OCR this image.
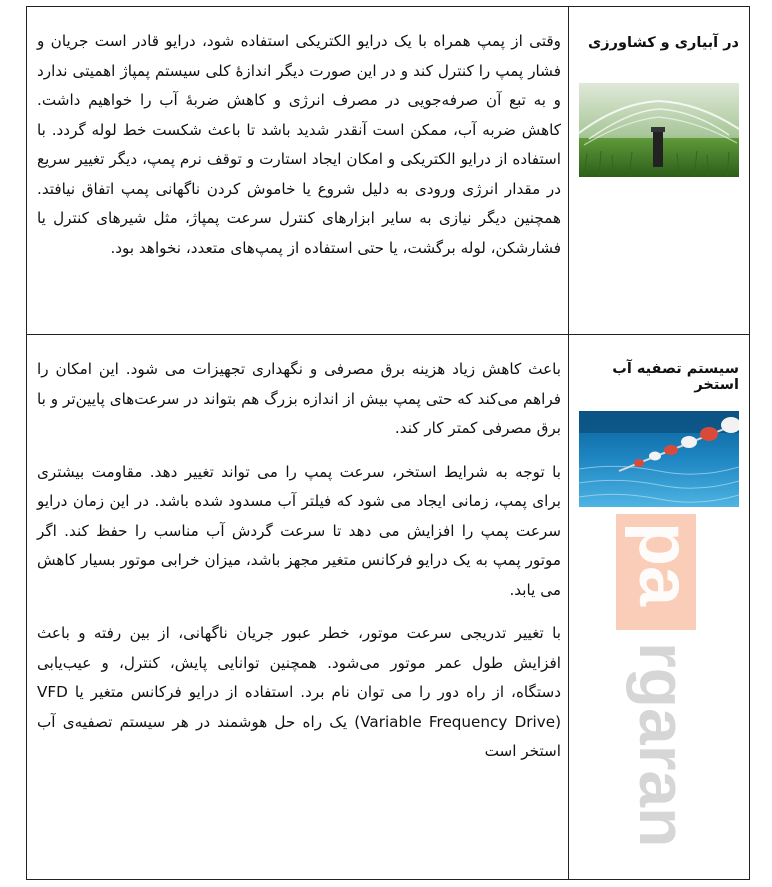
در آبیاری و کشاورزی

وقتی از پمپ همراه با یک درایو الکتریکی استفاده شود، درایو قادر است جریان و فشار پمپ را کنترل کند و در این صورت دیگر اندازهٔ کلی سیستم پمپاژ اهمیتی ندارد و به تبع آن صرفه‌جویی در مصرف انرژی و کاهش ضربهٔ آب را خواهیم داشت. کاهش ضربه آب، ممکن است آنقدر شدید باشد تا باعث شکست خط لوله گردد. با استفاده از درایو الکتریکی و امکان ایجاد استارت و توقف نرم پمپ، دیگر تغییر سریع در مقدار انرژی ورودی به دلیل شروع یا خاموش کردن ناگهانی پمپ اتفاق نیافتد. همچنین دیگر نیازی به سایر ابزارهای کنترل سرعت پمپاژ، مثل شیرهای کنترل یا فشارشکن، لوله برگشت، یا حتی استفاده از پمپ‌های متعدد، نخواهد بود.

سیستم تصفیه آب استخر

باعث کاهش زیاد هزینه برق مصرفی و نگهداری تجهیزات می شود. این امکان را فراهم می‌کند که حتی پمپ بیش از اندازه بزرگ هم بتواند در سرعت‌های پایین‌تر و با برق مصرفی کمتر کار کند.

با توجه به شرایط استخر، سرعت پمپ را می تواند تغییر دهد. مقاومت بیشتری برای پمپ، زمانی ایجاد می شود که فیلتر آب مسدود شده باشد. در این زمان درایو سرعت پمپ را افزایش می دهد تا سرعت گردش آب مناسب را حفظ کند. اگر موتور پمپ به یک درایو فرکانس متغیر مجهز باشد، میزان خرابی موتور بسیار کاهش می یابد.

با تغییر تدریجی سرعت موتور، خطر عبور جریان ناگهانی، از بین رفته و باعث افزایش طول عمر موتور می‌شود. همچنین توانایی پایش، کنترل، و عیب‌یابی دستگاه، از راه دور را می توان نام برد. استفاده از درایو فرکانس متغیر یا VFD (Variable Frequency Drive) یک راه حل هوشمند در هر سیستم تصفیه‌ی آب استخر است

pa
rgaran
